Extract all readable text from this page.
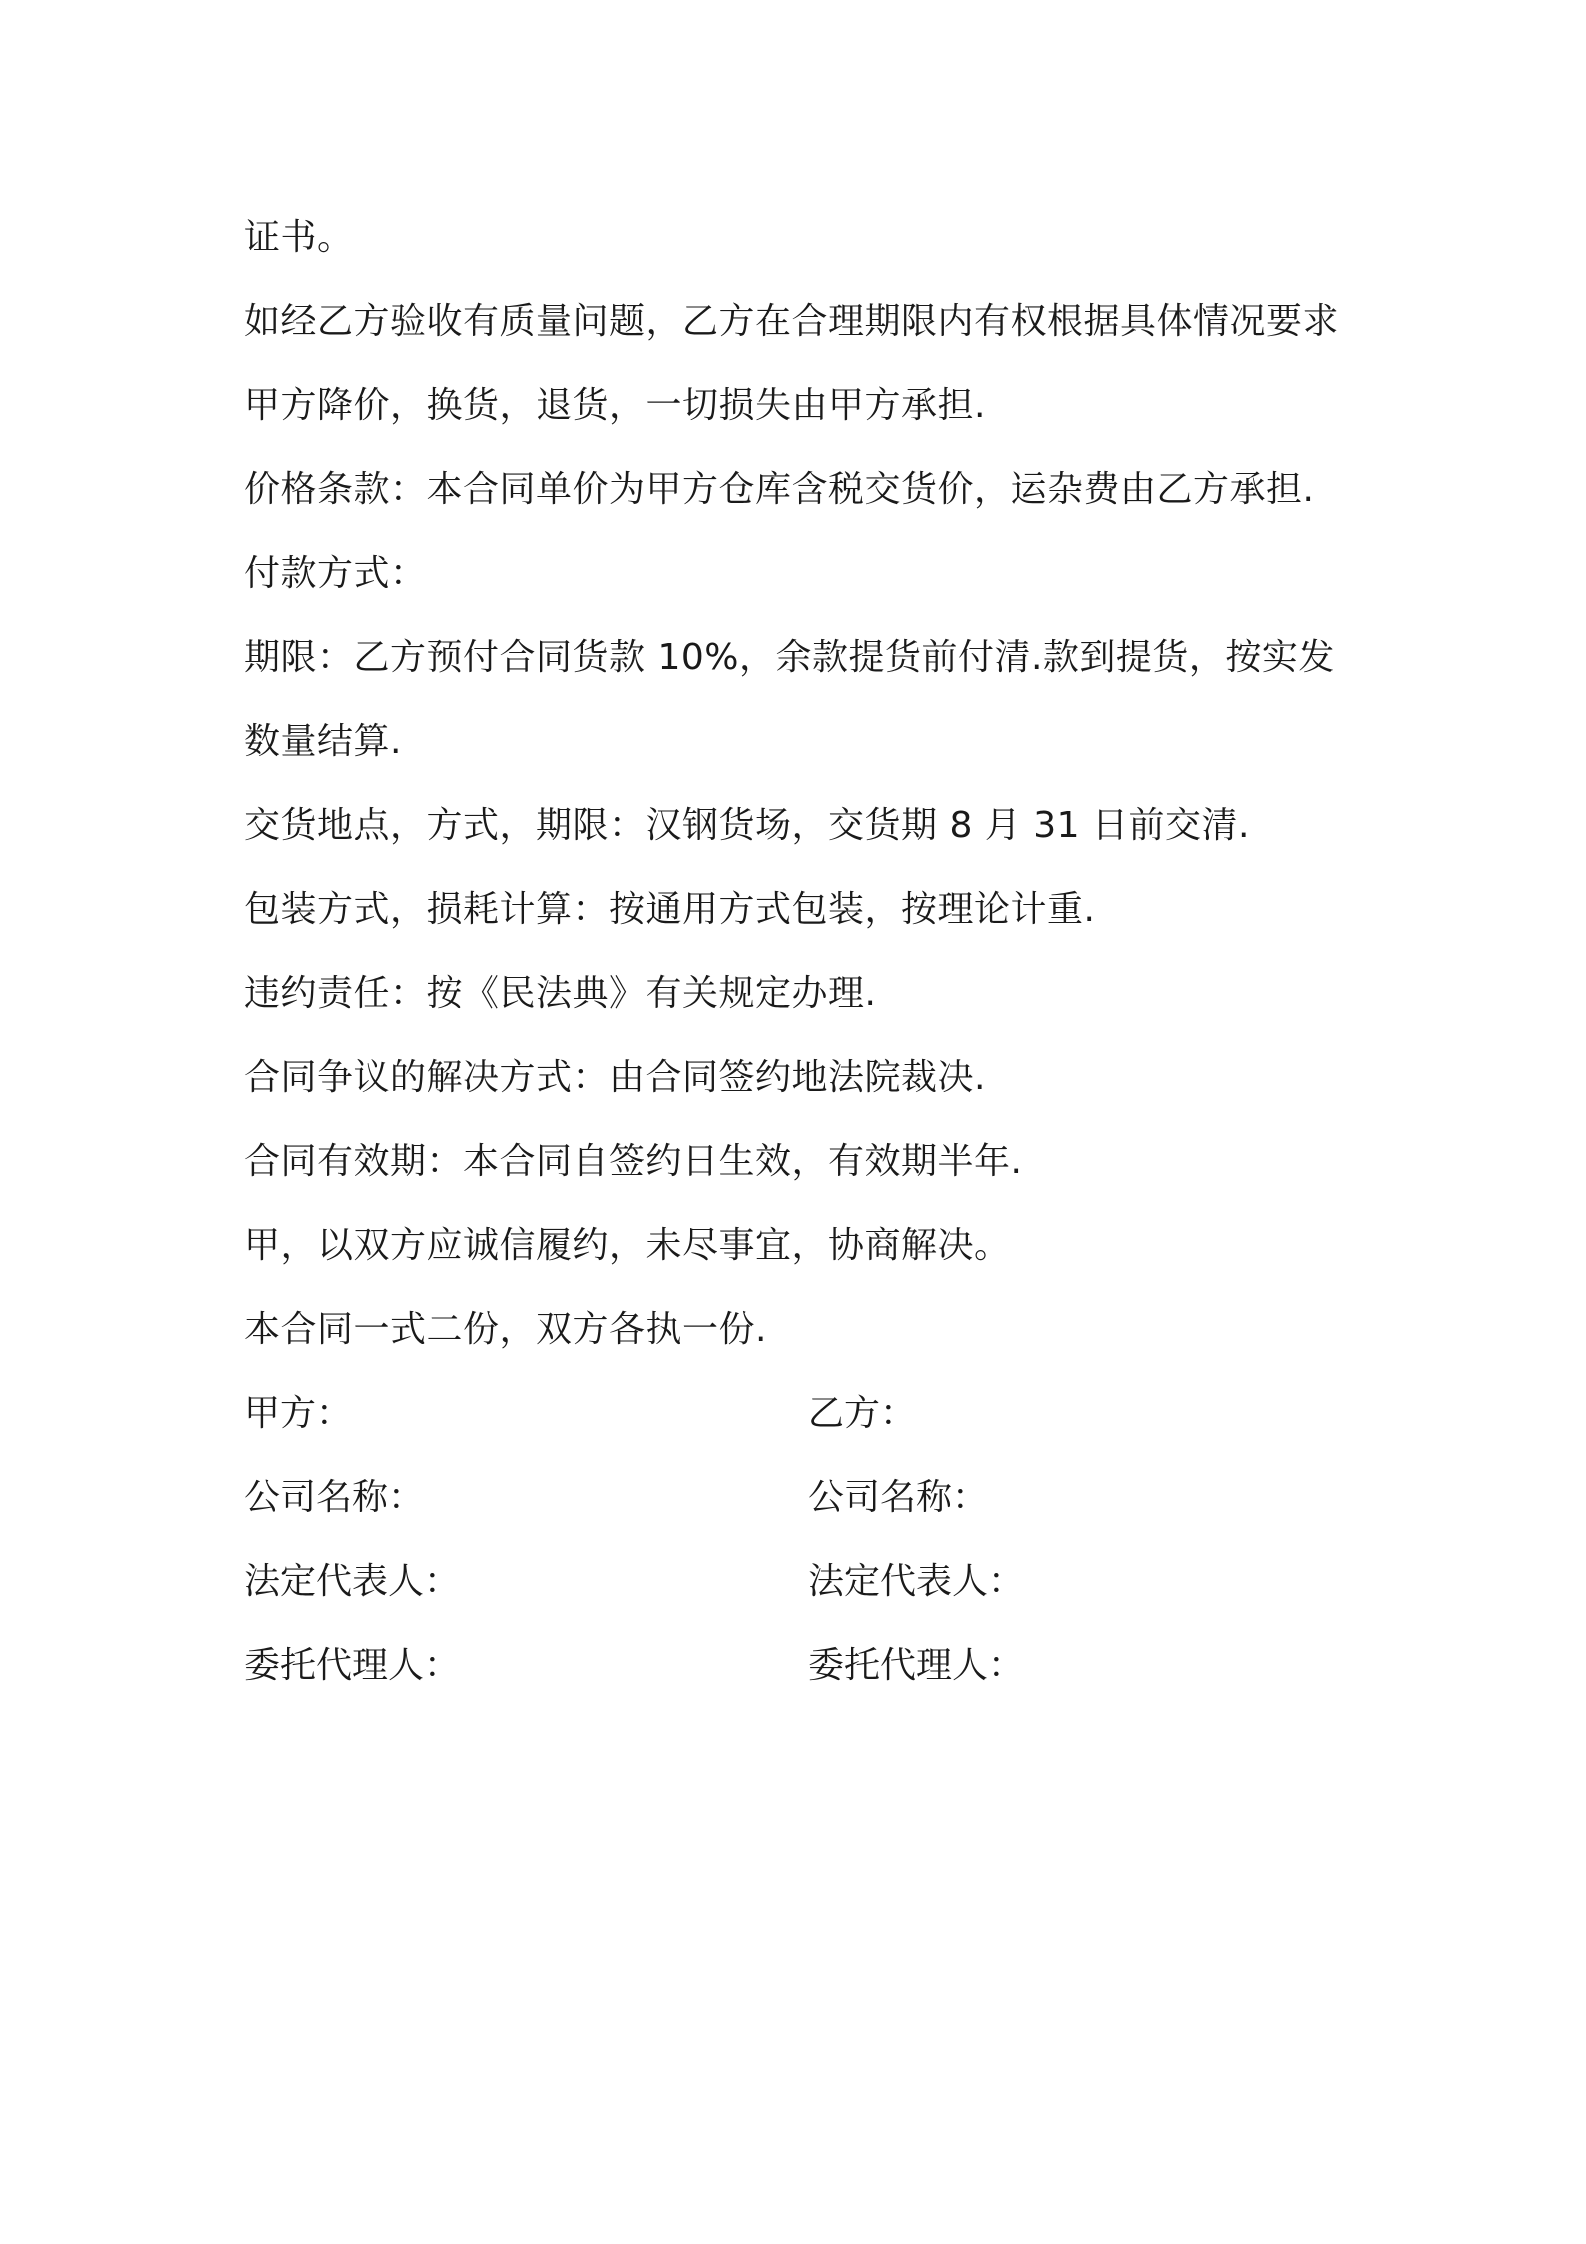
证书。
如经乙方验收有质量问题，乙方在合理期限内有权根据具体情况要求
甲方降价，换货，退货，一切损失由甲方承担.
价格条款：本合同单价为甲方仓库含税交货价，运杂费由乙方承担.
付款方式：
期限：乙方预付合同货款 10%，余款提货前付清.款到提货，按实发
数量结算.
交货地点，方式，期限：汉钢货场，交货期 8 月 31 日前交清.
包装方式，损耗计算：按通用方式包装，按理论计重.
违约责任：按《民法典》有关规定办理.
合同争议的解决方式：由合同签约地法院裁决.
合同有效期：本合同自签约日生效，有效期半年.
甲，以双方应诚信履约，未尽事宜，协商解决。
本合同一式二份，双方各执一份.
甲方：	乙方：
公司名称：	公司名称：
法定代表人：	法定代表人：
委托代理人：	委托代理人：
